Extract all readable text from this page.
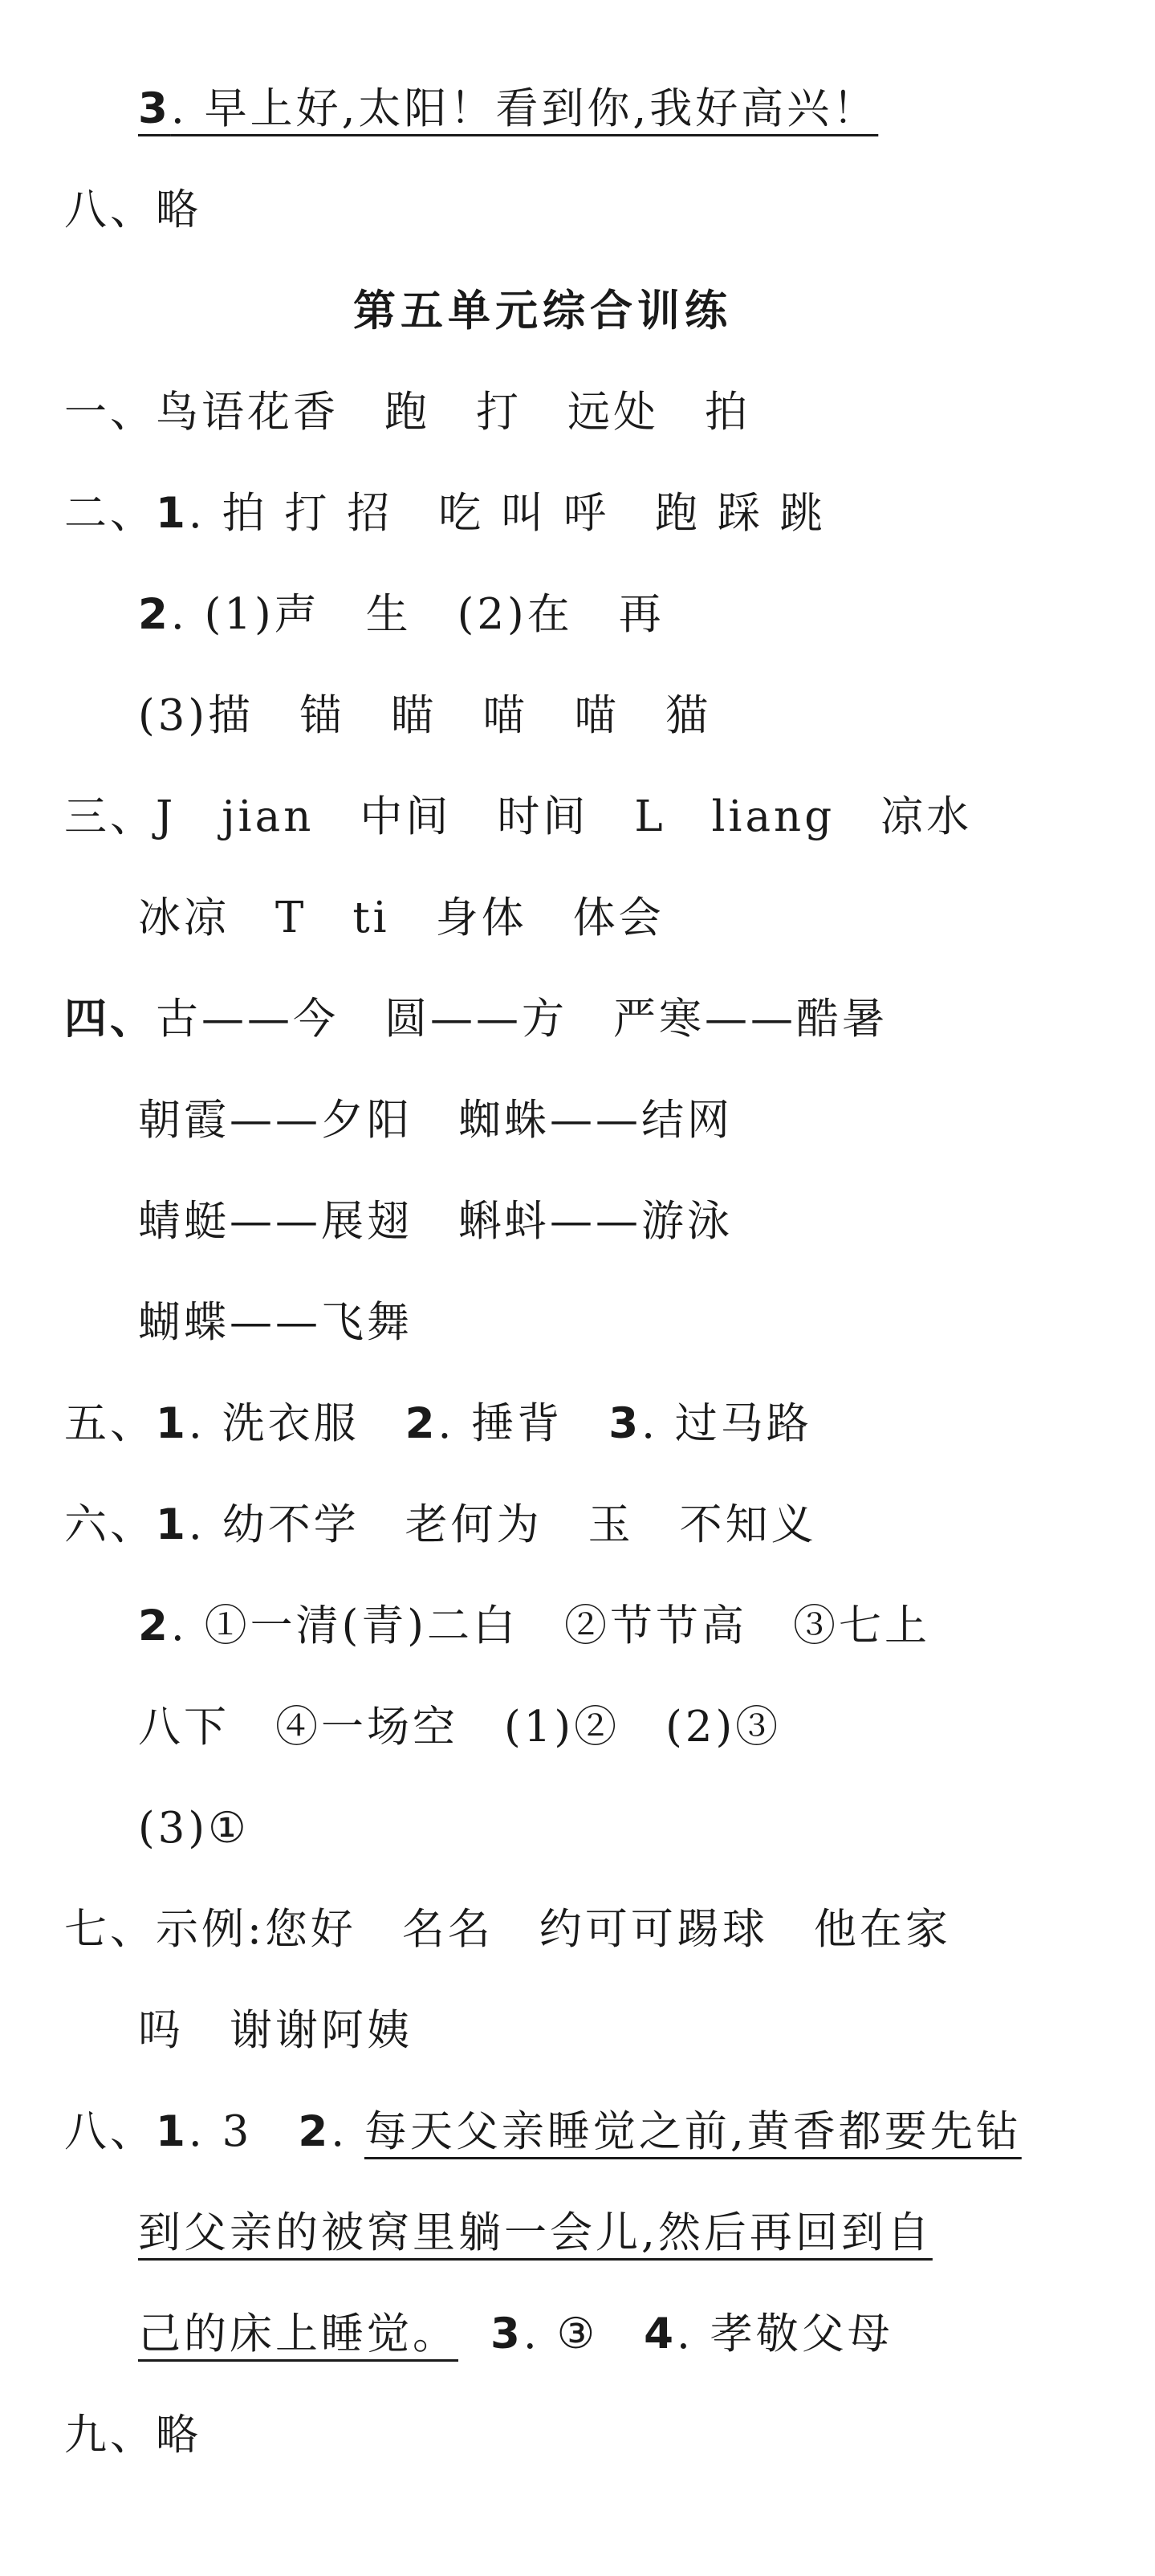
3. 早上好,太阳！看到你,我好高兴！
八、略
第五单元综合训练
一、鸟语花香　跑　打　远处　拍
二、1. 拍 打 招　吃 叫 呼　跑 踩 跳
2. (1)声　生　(2)在　再
(3)描　锚　瞄　喵　喵　猫
三、J　jian　中间　时间　L　liang　凉水
冰凉　T　ti　身体　体会
四、古——今　圆——方　严寒——酷暑
朝霞——夕阳　蜘蛛——结网
蜻蜓——展翅　蝌蚪——游泳
蝴蝶——飞舞
五、1. 洗衣服　2. 捶背　3. 过马路
六、1. 幼不学　老何为　玉　不知义
2. ①一清(青)二白　②节节高　③七上
八下　④一场空　(1)②　(2)③
(3)①
七、示例:您好　名名　约可可踢球　他在家
吗　谢谢阿姨
八、1. 3　2. 每天父亲睡觉之前,黄香都要先钻
到父亲的被窝里躺一会儿,然后再回到自
己的床上睡觉。 3. ③　4. 孝敬父母
九、略
